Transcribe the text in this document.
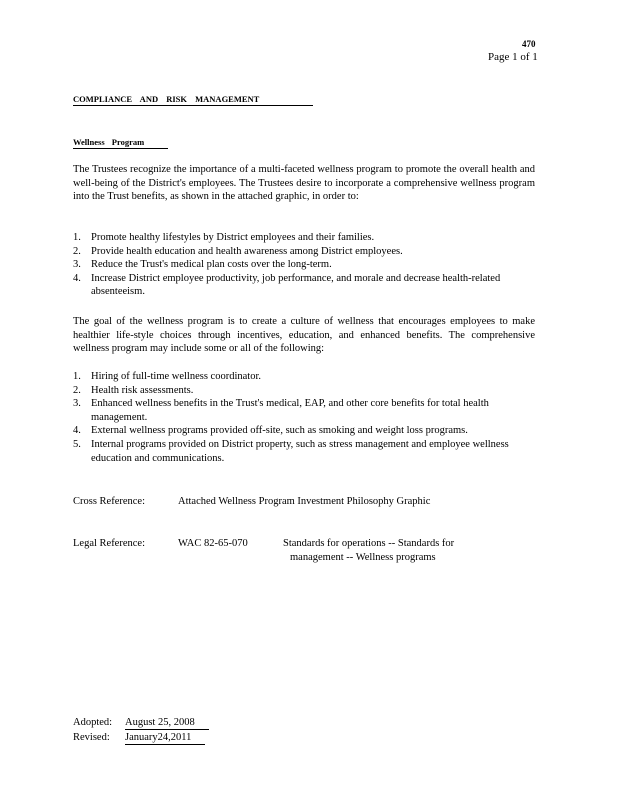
470
Page 1 of 1
COMPLIANCE AND RISK MANAGEMENT
Wellness Program
The Trustees recognize the importance of a multi-faceted wellness program to promote the overall health and well-being of the District's employees. The Trustees desire to incorporate a comprehensive wellness program into the Trust benefits, as shown in the attached graphic, in order to:
1. Promote healthy lifestyles by District employees and their families.
2. Provide health education and health awareness among District employees.
3. Reduce the Trust's medical plan costs over the long-term.
4. Increase District employee productivity, job performance, and morale and decrease health-related absenteeism.
The goal of the wellness program is to create a culture of wellness that encourages employees to make healthier life-style choices through incentives, education, and enhanced benefits. The comprehensive wellness program may include some or all of the following:
1. Hiring of full-time wellness coordinator.
2. Health risk assessments.
3. Enhanced wellness benefits in the Trust's medical, EAP, and other core benefits for total health management.
4. External wellness programs provided off-site, such as smoking and weight loss programs.
5. Internal programs provided on District property, such as stress management and employee wellness education and communications.
Cross Reference:	Attached Wellness Program Investment Philosophy Graphic
Legal Reference:	WAC 82-65-070	Standards for operations -- Standards for
management -- Wellness programs
Adopted: August 25, 2008
Revised: January24,2011
